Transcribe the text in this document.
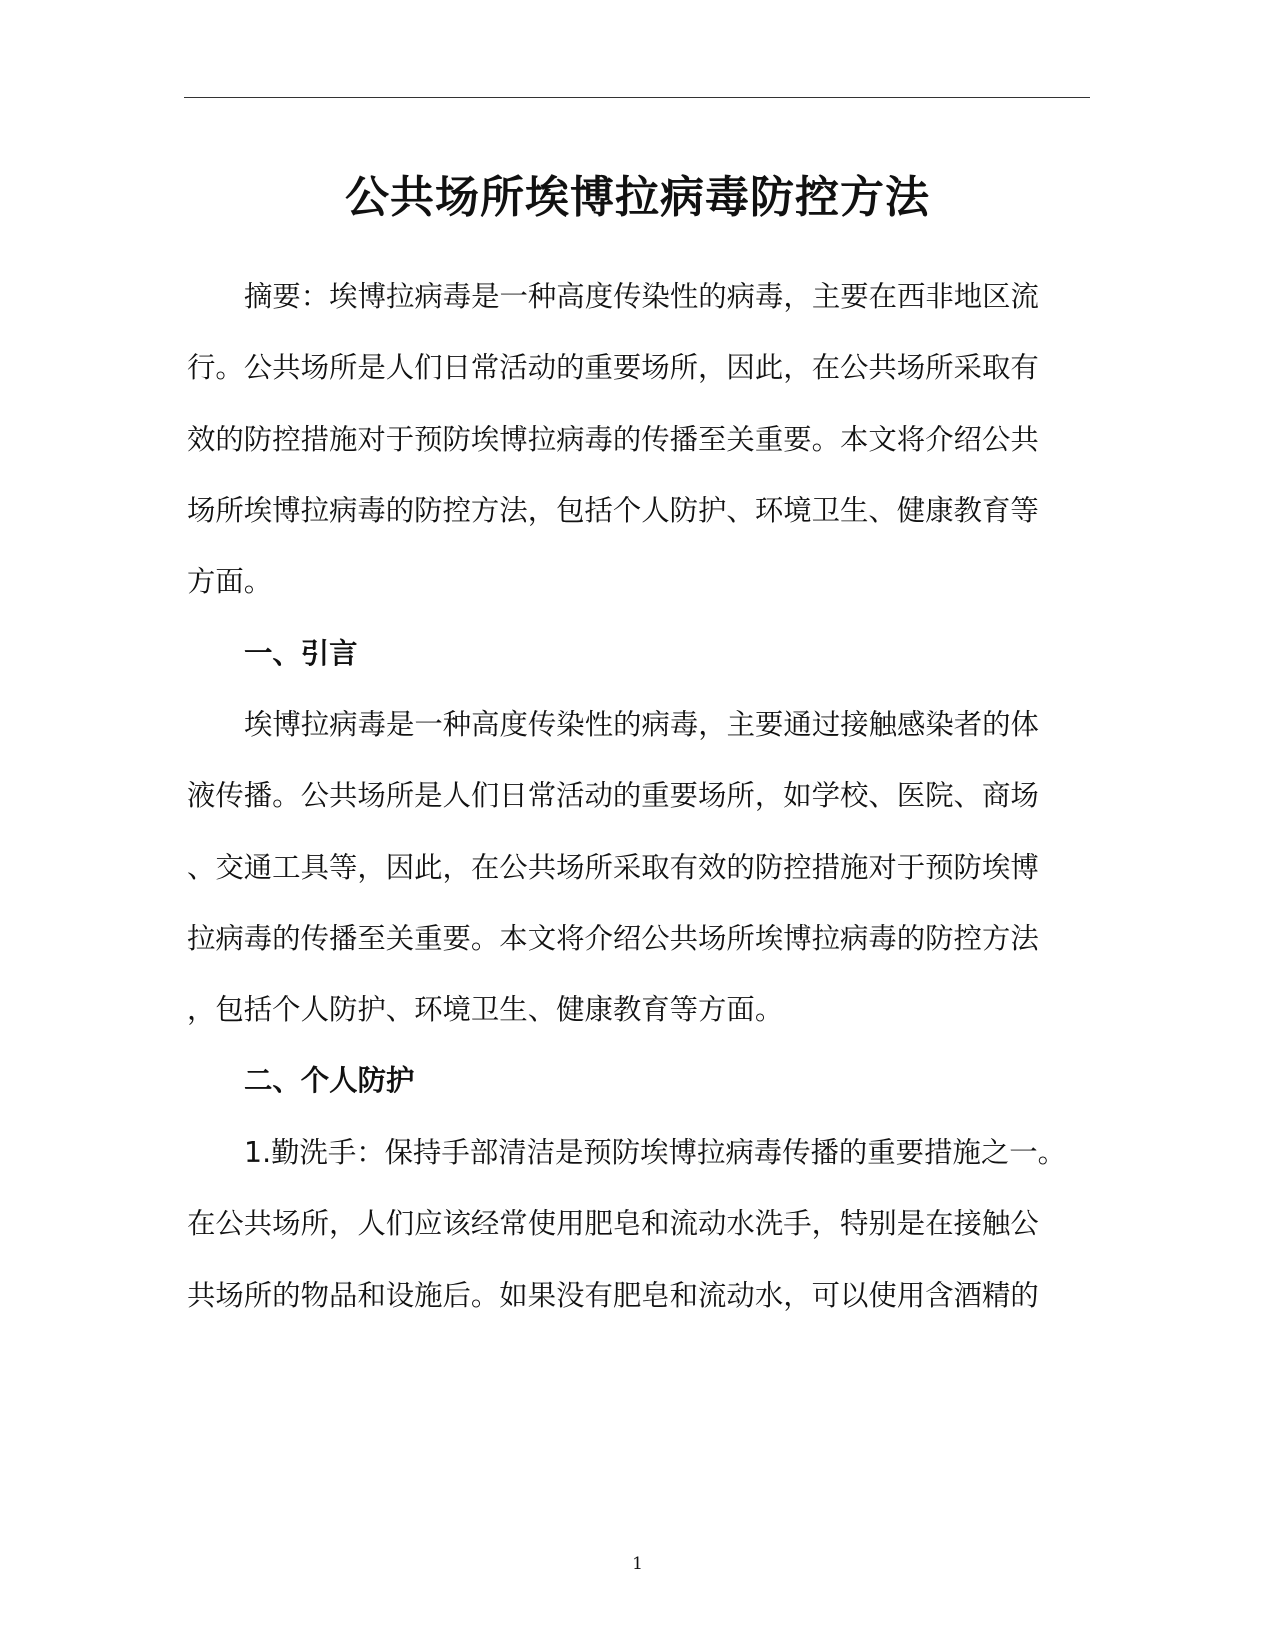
公共场所埃博拉病毒防控方法
摘要：埃博拉病毒是一种高度传染性的病毒，主要在西非地区流
行。公共场所是人们日常活动的重要场所，因此，在公共场所采取有
效的防控措施对于预防埃博拉病毒的传播至关重要。本文将介绍公共
场所埃博拉病毒的防控方法，包括个人防护、环境卫生、健康教育等
方面。
一、引言
埃博拉病毒是一种高度传染性的病毒，主要通过接触感染者的体
液传播。公共场所是人们日常活动的重要场所，如学校、医院、商场
、交通工具等，因此，在公共场所采取有效的防控措施对于预防埃博
拉病毒的传播至关重要。本文将介绍公共场所埃博拉病毒的防控方法
，包括个人防护、环境卫生、健康教育等方面。
二、个人防护
1.勤洗手：保持手部清洁是预防埃博拉病毒传播的重要措施之一。
在公共场所，人们应该经常使用肥皂和流动水洗手，特别是在接触公
共场所的物品和设施后。如果没有肥皂和流动水，可以使用含酒精的
1
